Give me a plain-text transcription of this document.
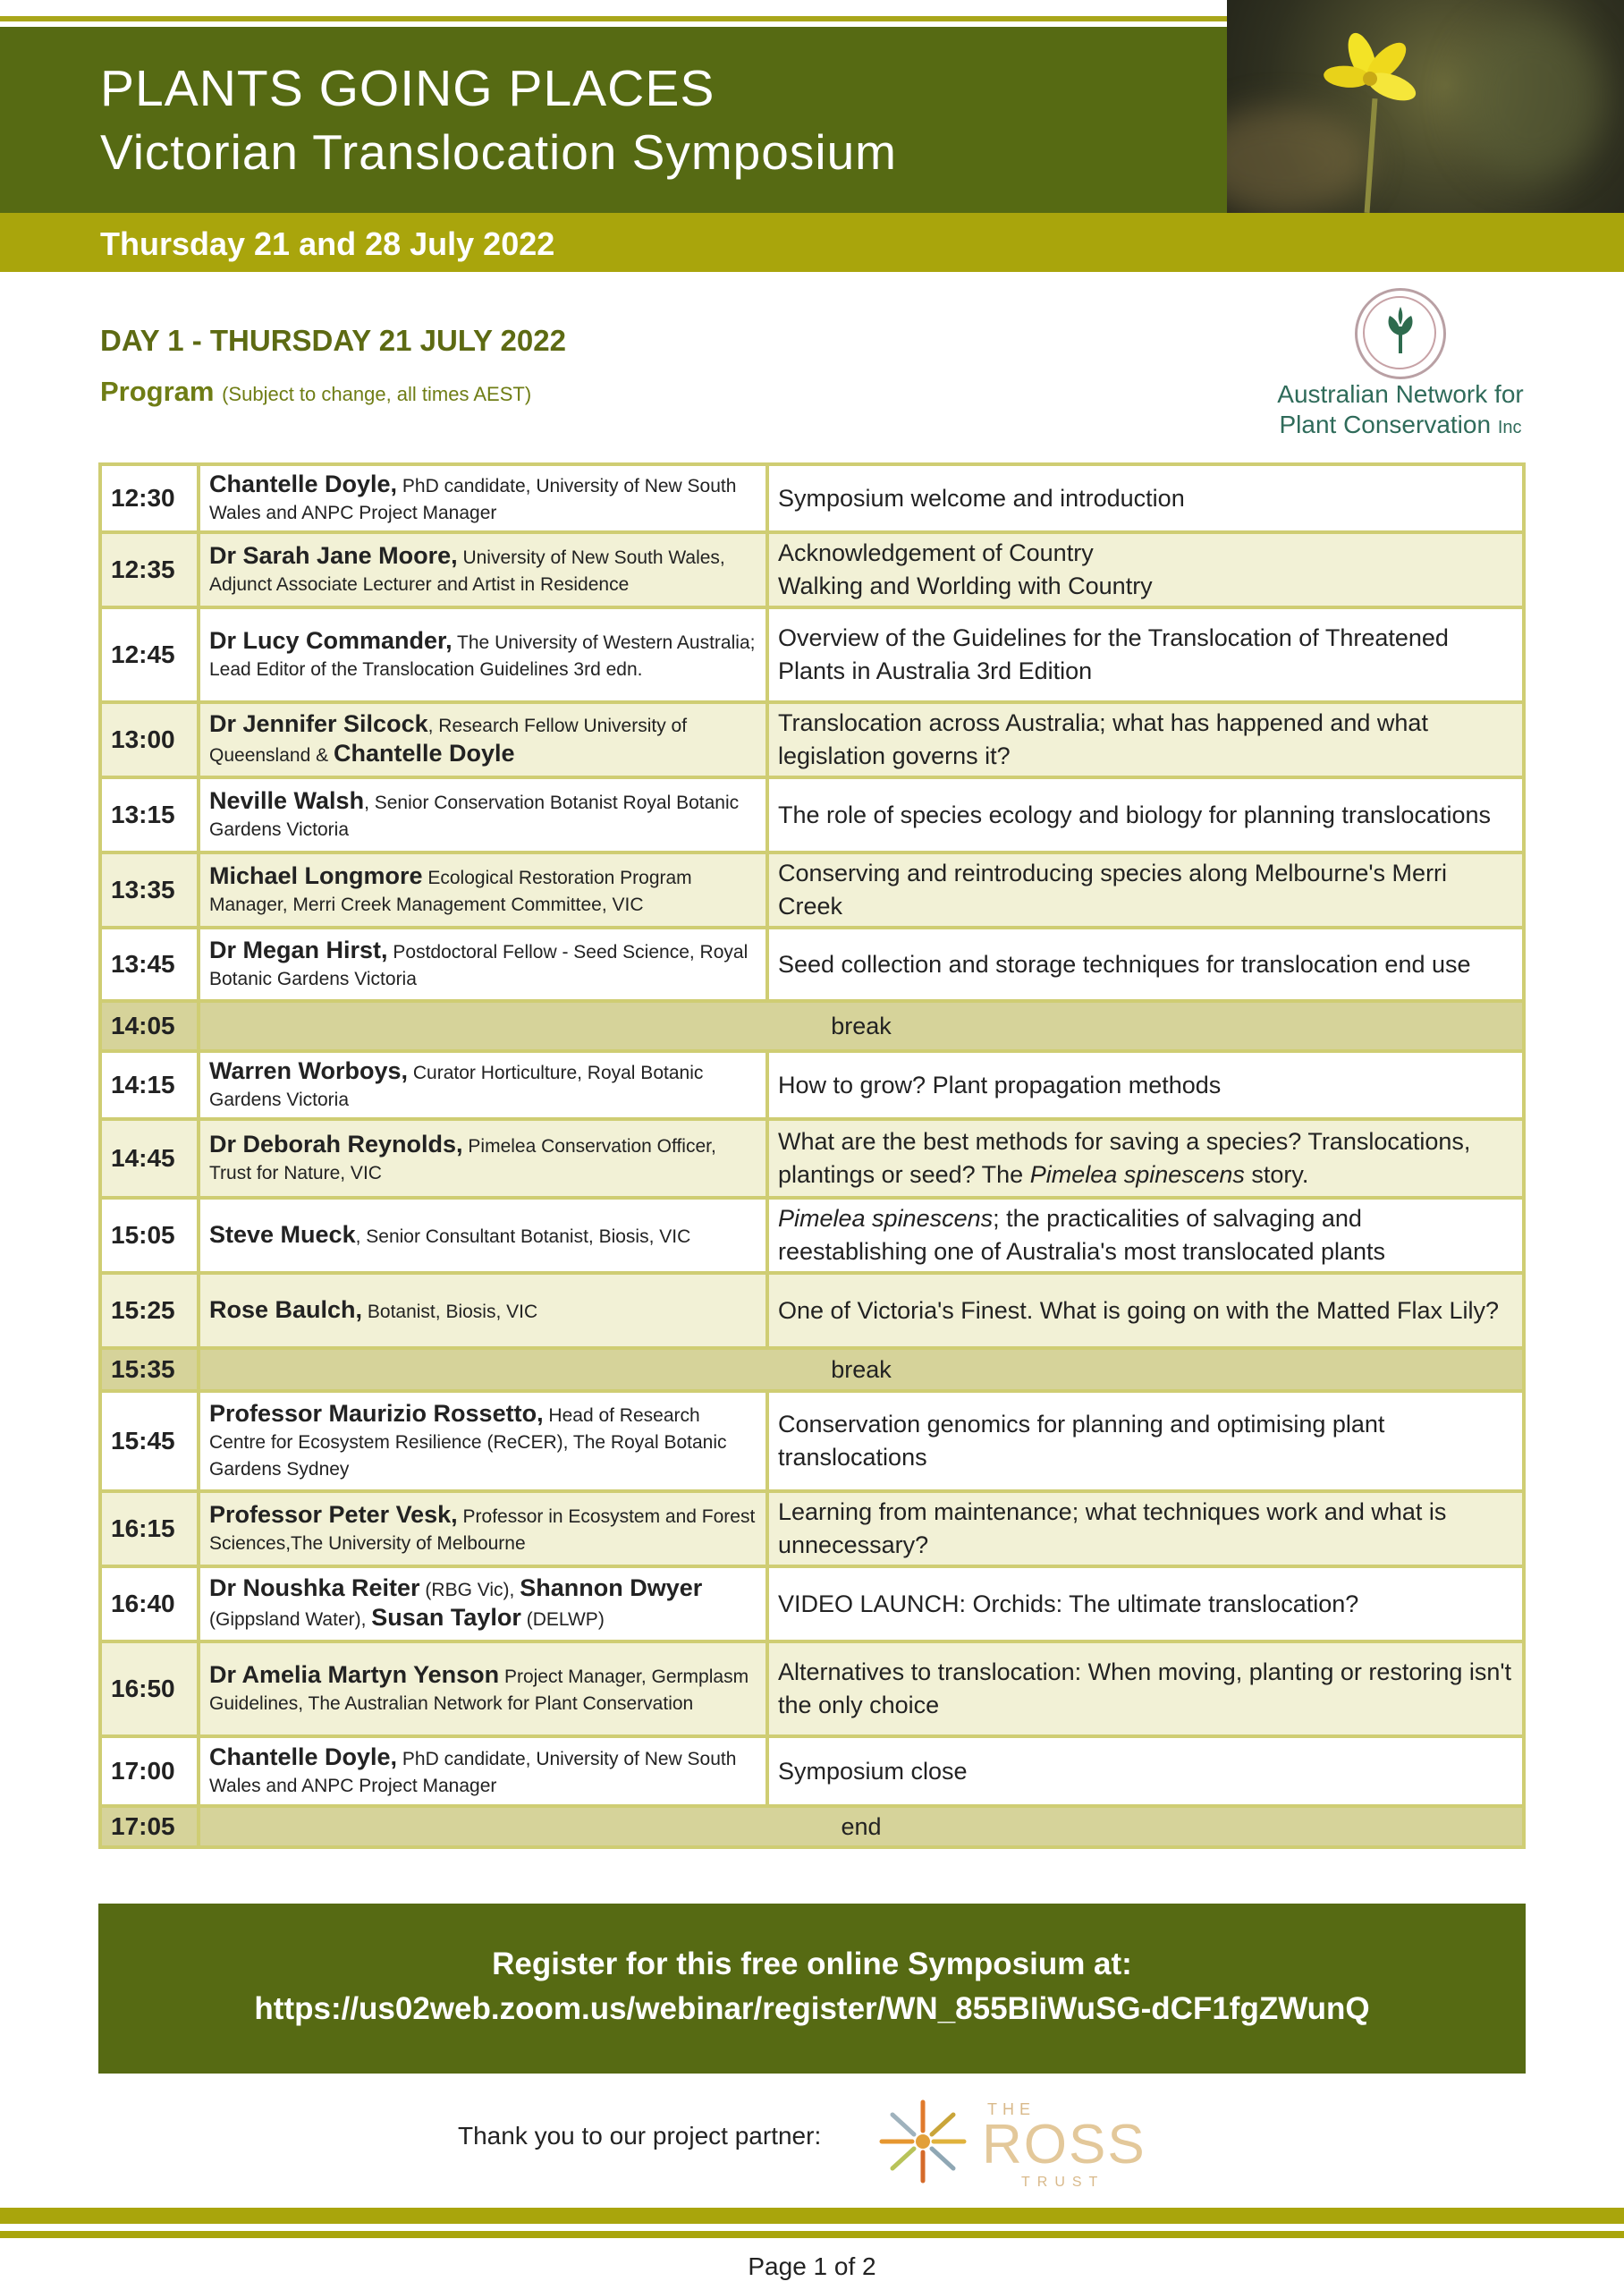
PLANTS GOING PLACES
Victorian Translocation Symposium
Thursday 21 and 28 July 2022
DAY 1 - THURSDAY 21 JULY 2022
Program (Subject to change, all times AEST)	Australian Network for
Plant Conservation Inc
12:30	Chantelle Doyle, PhD candidate, University of New South Wales and ANPC Project Manager	Symposium welcome and introduction
12:35	Dr Sarah Jane Moore, University of New South Wales, Adjunct Associate Lecturer and Artist in Residence	Acknowledgement of Country
Walking and Worlding with Country

12:45	Dr Lucy Commander, The University of Western Australia; Lead Editor of the Translocation Guidelines 3rd edn.	Overview of the Guidelines for the Translocation of Threatened Plants in Australia 3rd Edition
13:00	Dr Jennifer Silcock, Research Fellow University of Queensland & Chantelle Doyle	Translocation across Australia; what has happened and what legislation governs it?
13:15	Neville Walsh, Senior Conservation Botanist Royal Botanic Gardens Victoria	The role of species ecology and biology for planning translocations
13:35	Michael Longmore Ecological Restoration Program Manager, Merri Creek Management Committee, VIC	Conserving and reintroducing species along Melbourne's Merri Creek
13:45	Dr Megan Hirst, Postdoctoral Fellow - Seed Science, Royal Botanic Gardens Victoria	Seed collection and storage techniques for translocation end use
14:05	break	
14:15	Warren Worboys, Curator Horticulture, Royal Botanic Gardens Victoria	How to grow? Plant propagation methods
14:45	Dr Deborah Reynolds, Pimelea Conservation Officer, Trust for Nature, VIC	What are the best methods for saving a species? Translocations, plantings or seed? The Pimelea spinescens story.
15:05	Steve Mueck, Senior Consultant Botanist, Biosis, VIC	Pimelea spinescens; the practicalities of salvaging and reestablishing one of Australia's most translocated plants
15:25	Rose Baulch, Botanist, Biosis, VIC	One of Victoria's Finest. What is going on with the Matted Flax Lily?
15:35	break	
15:45	Professor Maurizio Rossetto, Head of Research Centre for Ecosystem Resilience (ReCER), The Royal Botanic Gardens Sydney	Conservation genomics for planning and optimising plant translocations
16:15	Professor Peter Vesk, Professor in Ecosystem and Forest Sciences,The University of Melbourne	Learning from maintenance; what techniques work and what is unnecessary?
16:40	Dr Noushka Reiter (RBG Vic), Shannon Dwyer (Gippsland Water), Susan Taylor (DELWP)	VIDEO LAUNCH: Orchids: The ultimate translocation?
16:50	Dr Amelia Martyn Yenson Project Manager, Germplasm Guidelines, The Australian Network for Plant Conservation	Alternatives to translocation: When moving, planting or restoring isn't the only choice
17:00	Chantelle Doyle, PhD candidate, University of New South Wales and ANPC Project Manager	Symposium close
17:05	end	
Register for this free online Symposium at:
https://us02web.zoom.us/webinar/register/WN_855BIiWuSG-dCF1fgZWunQ
Thank you to our project partner:
THE
ROSS
TRUST
Page 1 of 2
